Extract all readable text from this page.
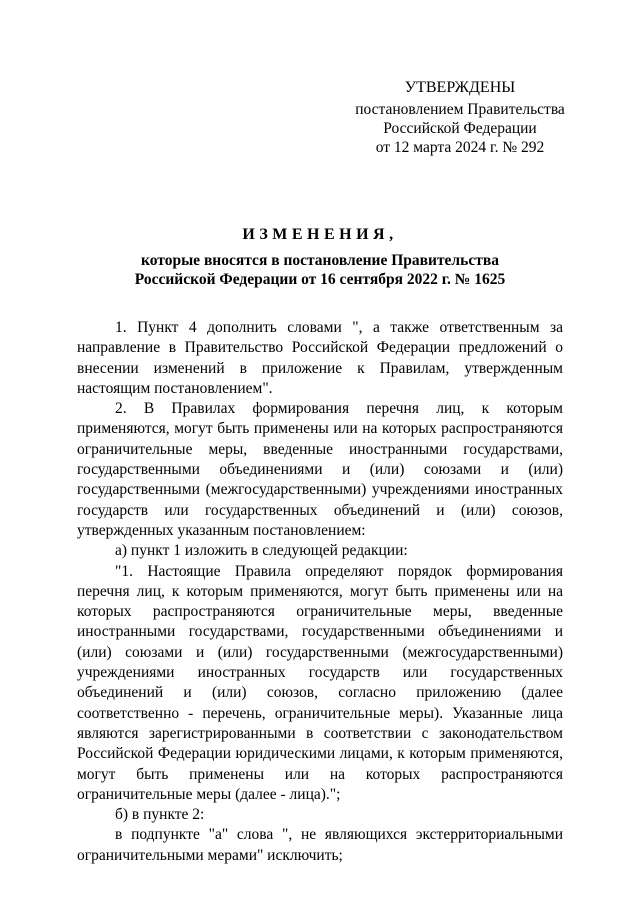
УТВЕРЖДЕНЫ
постановлением Правительства
Российской Федерации
от 12 марта 2024 г. № 292
ИЗМЕНЕНИЯ,
которые вносятся в постановление Правительства
Российской Федерации от 16 сентября 2022 г. № 1625

1. Пункт 4 дополнить словами ", а также ответственным за направление в Правительство Российской Федерации предложений о внесении изменений в приложение к Правилам, утвержденным настоящим постановлением".

2. В Правилах формирования перечня лиц, к которым применяются, могут быть применены или на которых распространяются ограничительные меры, введенные иностранными государствами, государственными объединениями и (или) союзами и (или) государственными (межгосударственными) учреждениями иностранных государств или государственных объединений и (или) союзов, утвержденных указанным постановлением:

а) пункт 1 изложить в следующей редакции:

"1. Настоящие Правила определяют порядок формирования перечня лиц, к которым применяются, могут быть применены или на которых распространяются ограничительные меры, введенные иностранными государствами, государственными объединениями и (или) союзами и (или) государственными (межгосударственными) учреждениями иностранных государств или государственных объединений и (или) союзов, согласно приложению (далее соответственно - перечень, ограничительные меры). Указанные лица являются зарегистрированными в соответствии с законодательством Российской Федерации юридическими лицами, к которым применяются, могут быть применены или на которых распространяются ограничительные меры (далее - лица).";

б) в пункте 2:

в подпункте "а" слова ", не являющихся экстерриториальными ограничительными мерами" исключить;
